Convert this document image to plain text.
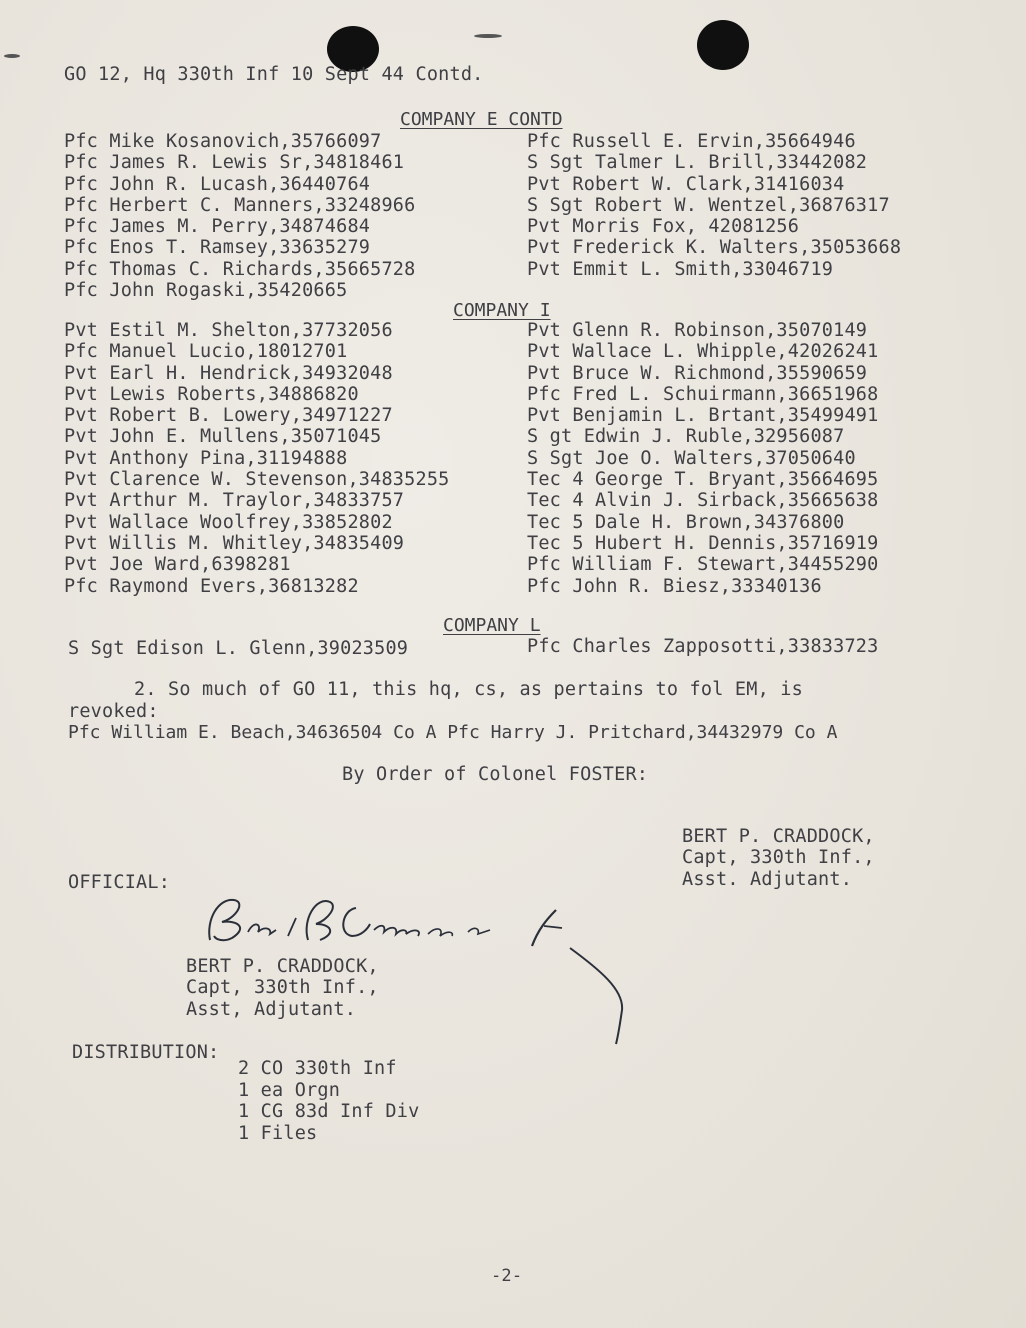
GO 12, Hq 330th Inf 10 Sept 44 Contd.
COMPANY E CONTD
Pfc Mike Kosanovich,35766097
Pfc James R. Lewis Sr,34818461
Pfc John R. Lucash,36440764
Pfc Herbert C. Manners,33248966
Pfc James M. Perry,34874684
Pfc Enos T. Ramsey,33635279
Pfc Thomas C. Richards,35665728
Pfc John Rogaski,35420665
Pfc Russell E. Ervin,35664946
S Sgt Talmer L. Brill,33442082
Pvt Robert W. Clark,31416034
S Sgt Robert W. Wentzel,36876317
Pvt Morris Fox, 42081256
Pvt Frederick K. Walters,35053668
Pvt Emmit L. Smith,33046719
COMPANY I
Pvt Estil M. Shelton,37732056
Pfc Manuel Lucio,18012701
Pvt Earl H. Hendrick,34932048
Pvt Lewis Roberts,34886820
Pvt Robert B. Lowery,34971227
Pvt John E. Mullens,35071045
Pvt Anthony Pina,31194888
Pvt Clarence W. Stevenson,34835255
Pvt Arthur M. Traylor,34833757
Pvt Wallace Woolfrey,33852802
Pvt Willis M. Whitley,34835409
Pvt Joe Ward,6398281
Pfc Raymond Evers,36813282
Pvt Glenn R. Robinson,35070149
Pvt Wallace L. Whipple,42026241
Pvt Bruce W. Richmond,35590659
Pfc Fred L. Schuirmann,36651968
Pvt Benjamin L. Brtant,35499491
S gt Edwin J. Ruble,32956087
S Sgt Joe O. Walters,37050640
Tec 4 George T. Bryant,35664695
Tec 4 Alvin J. Sirback,35665638
Tec 5 Dale H. Brown,34376800
Tec 5 Hubert H. Dennis,35716919
Pfc William F. Stewart,34455290
Pfc John R. Biesz,33340136
COMPANY L
S Sgt Edison L. Glenn,39023509	Pfc Charles Zapposotti,33833723
2. So much of GO 11, this hq, cs, as pertains to fol EM, is
revoked:
Pfc William E. Beach,34636504 Co A Pfc Harry J. Pritchard,34432979 Co A
By Order of Colonel FOSTER:
BERT P. CRADDOCK,
Capt, 330th Inf.,
Asst. Adjutant.
OFFICIAL:
BERT P. CRADDOCK,
Capt, 330th Inf.,
Asst, Adjutant.
DISTRIBUTION:
2 CO 330th Inf
1 ea Orgn
1 CG 83d Inf Div
1 Files
-2-
